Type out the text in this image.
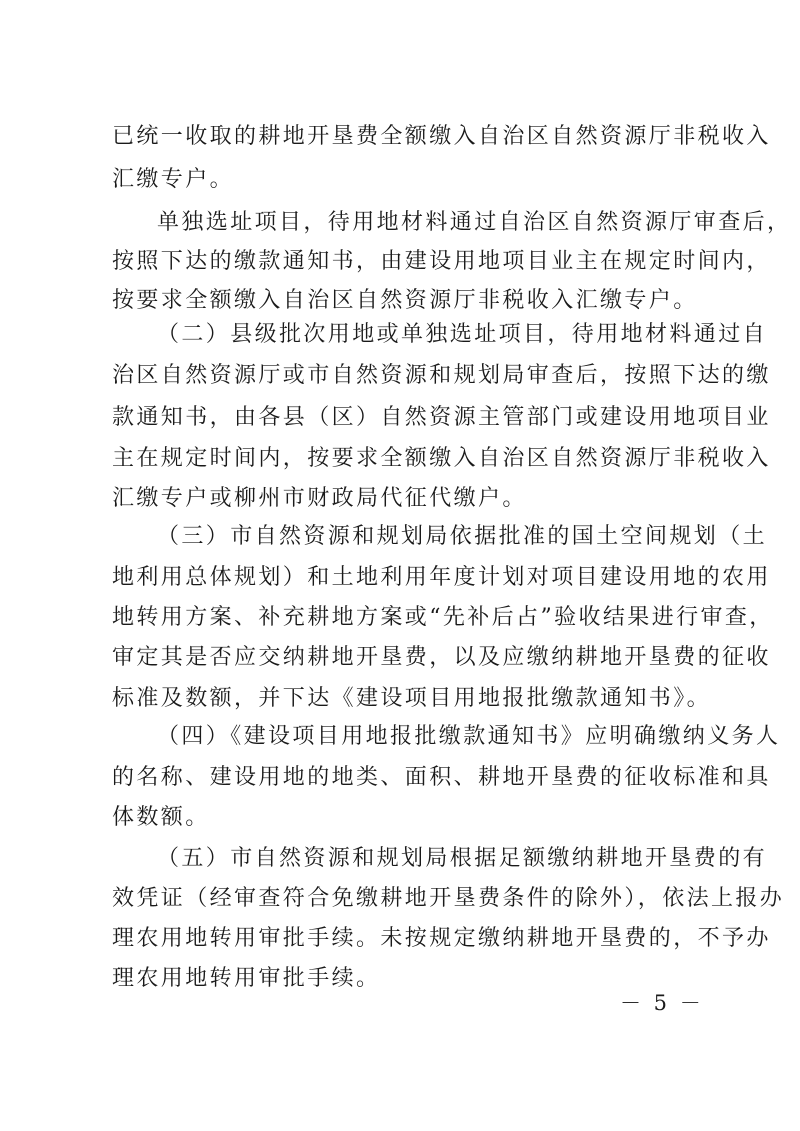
已统一收取的耕地开垦费全额缴入自治区自然资源厅非税收入
汇缴专户。
单独选址项目，待用地材料通过自治区自然资源厅审查后，
按照下达的缴款通知书，由建设用地项目业主在规定时间内，
按要求全额缴入自治区自然资源厅非税收入汇缴专户。
（二）县级批次用地或单独选址项目，待用地材料通过自
治区自然资源厅或市自然资源和规划局审查后，按照下达的缴
款通知书，由各县（区）自然资源主管部门或建设用地项目业
主在规定时间内，按要求全额缴入自治区自然资源厅非税收入
汇缴专户或柳州市财政局代征代缴户。
（三）市自然资源和规划局依据批准的国土空间规划（土
地利用总体规划）和土地利用年度计划对项目建设用地的农用
地转用方案、补充耕地方案或“先补后占”验收结果进行审查，
审定其是否应交纳耕地开垦费，以及应缴纳耕地开垦费的征收
标准及数额，并下达《建设项目用地报批缴款通知书》。
（四）《建设项目用地报批缴款通知书》应明确缴纳义务人
的名称、建设用地的地类、面积、耕地开垦费的征收标准和具
体数额。
（五）市自然资源和规划局根据足额缴纳耕地开垦费的有
效凭证（经审查符合免缴耕地开垦费条件的除外），依法上报办
理农用地转用审批手续。未按规定缴纳耕地开垦费的，不予办
理农用地转用审批手续。
－ 5 －
